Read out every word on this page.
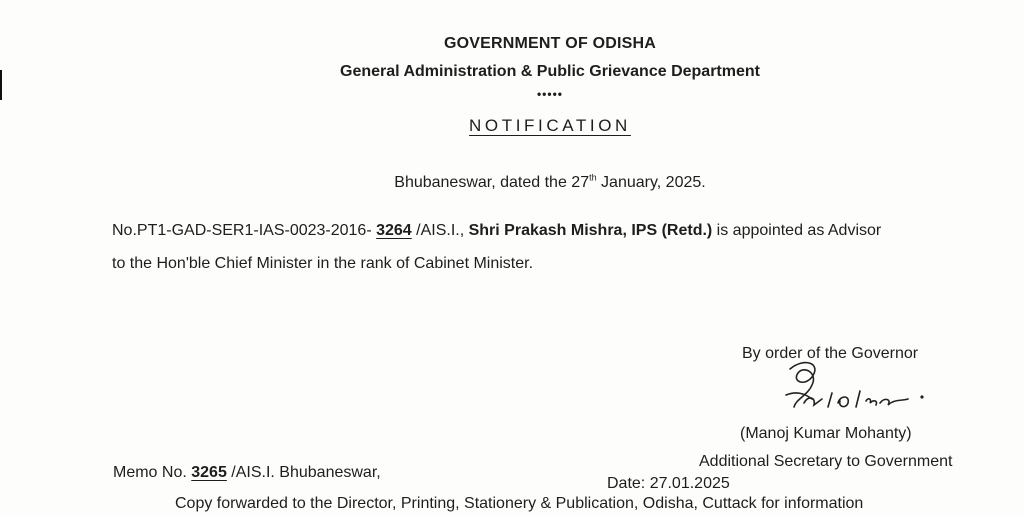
GOVERNMENT OF ODISHA
General Administration & Public Grievance Department
•••••
NOTIFICATION
Bhubaneswar, dated the 27th January, 2025.
No.PT1-GAD-SER1-IAS-0023-2016- 3264 /AIS.I., Shri Prakash Mishra, IPS (Retd.) is appointed as Advisor
to the Hon'ble Chief Minister in the rank of Cabinet Minister.
By order of the Governor
(Manoj Kumar Mohanty)
Additional Secretary to Government
Memo No. 3265 /AIS.I. Bhubaneswar,
Date: 27.01.2025
Copy forwarded to the Director, Printing, Stationery & Publication, Odisha, Cuttack for information
